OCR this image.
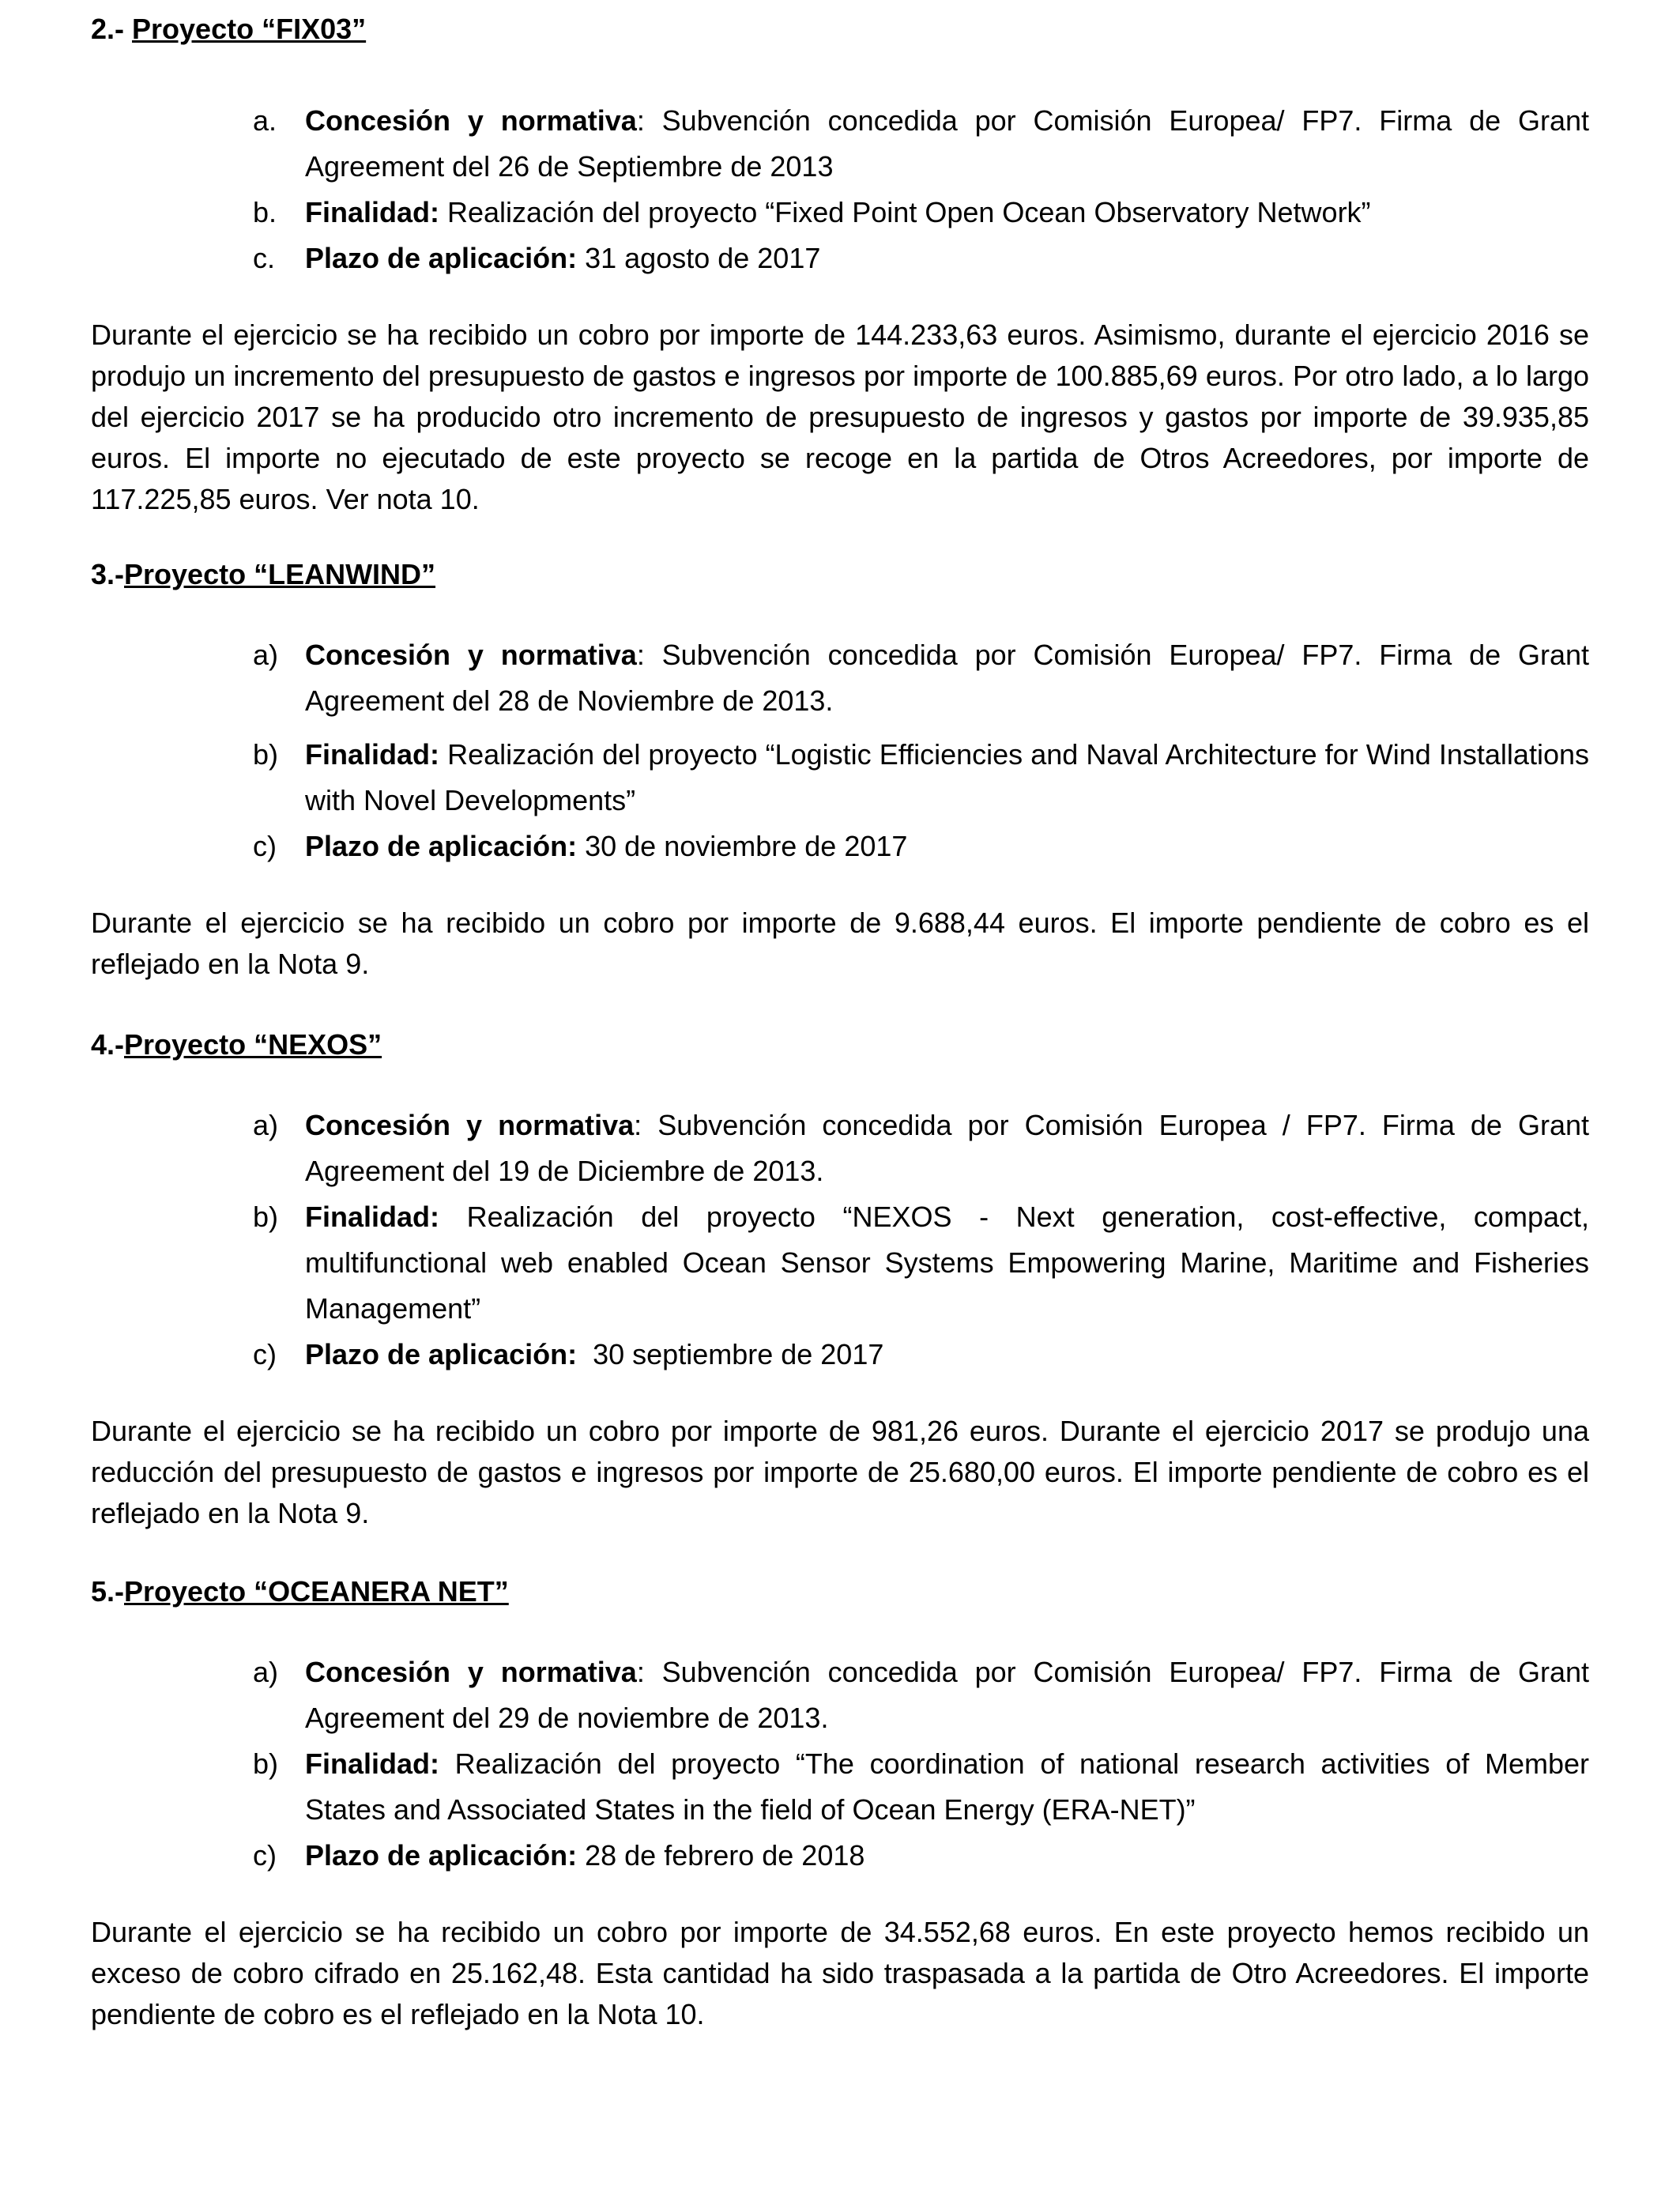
2.- Proyecto “FIX03”
a. Concesión y normativa: Subvención concedida por Comisión Europea/ FP7. Firma de Grant Agreement del 26 de Septiembre de 2013
b. Finalidad: Realización del proyecto “Fixed Point Open Ocean Observatory Network”
c. Plazo de aplicación: 31 agosto de 2017

Durante el ejercicio se ha recibido un cobro por importe de 144.233,63 euros. Asimismo, durante el ejercicio 2016 se produjo un incremento del presupuesto de gastos e ingresos por importe de 100.885,69 euros. Por otro lado, a lo largo del ejercicio 2017 se ha producido otro incremento de presupuesto de ingresos y gastos por importe de 39.935,85 euros. El importe no ejecutado de este proyecto se recoge en la partida de Otros Acreedores, por importe de 117.225,85 euros. Ver nota 10.

3.-Proyecto “LEANWIND”
a) Concesión y normativa: Subvención concedida por Comisión Europea/ FP7. Firma de Grant Agreement del 28 de Noviembre de 2013.
b) Finalidad: Realización del proyecto “Logistic Efficiencies and Naval Architecture for Wind Installations with Novel Developments”
c) Plazo de aplicación: 30 de noviembre de 2017

Durante el ejercicio se ha recibido un cobro por importe de 9.688,44 euros. El importe pendiente de cobro es el reflejado en la Nota 9.

4.-Proyecto “NEXOS”
a) Concesión y normativa: Subvención concedida por Comisión Europea / FP7. Firma de Grant Agreement del 19 de Diciembre de 2013.
b) Finalidad: Realización del proyecto “NEXOS - Next generation, cost-effective, compact, multifunctional web enabled Ocean Sensor Systems Empowering Marine, Maritime and Fisheries Management”
c) Plazo de aplicación: 30 septiembre de 2017

Durante el ejercicio se ha recibido un cobro por importe de 981,26 euros. Durante el ejercicio 2017 se produjo una reducción del presupuesto de gastos e ingresos por importe de 25.680,00 euros. El importe pendiente de cobro es el reflejado en la Nota 9.

5.-Proyecto “OCEANERA NET”
a) Concesión y normativa: Subvención concedida por Comisión Europea/ FP7. Firma de Grant Agreement del 29 de noviembre de 2013.
b) Finalidad: Realización del proyecto “The coordination of national research activities of Member States and Associated States in the field of Ocean Energy (ERA-NET)”
c) Plazo de aplicación: 28 de febrero de 2018

Durante el ejercicio se ha recibido un cobro por importe de 34.552,68 euros. En este proyecto hemos recibido un exceso de cobro cifrado en 25.162,48. Esta cantidad ha sido traspasada a la partida de Otro Acreedores. El importe pendiente de cobro es el reflejado en la Nota 10.
